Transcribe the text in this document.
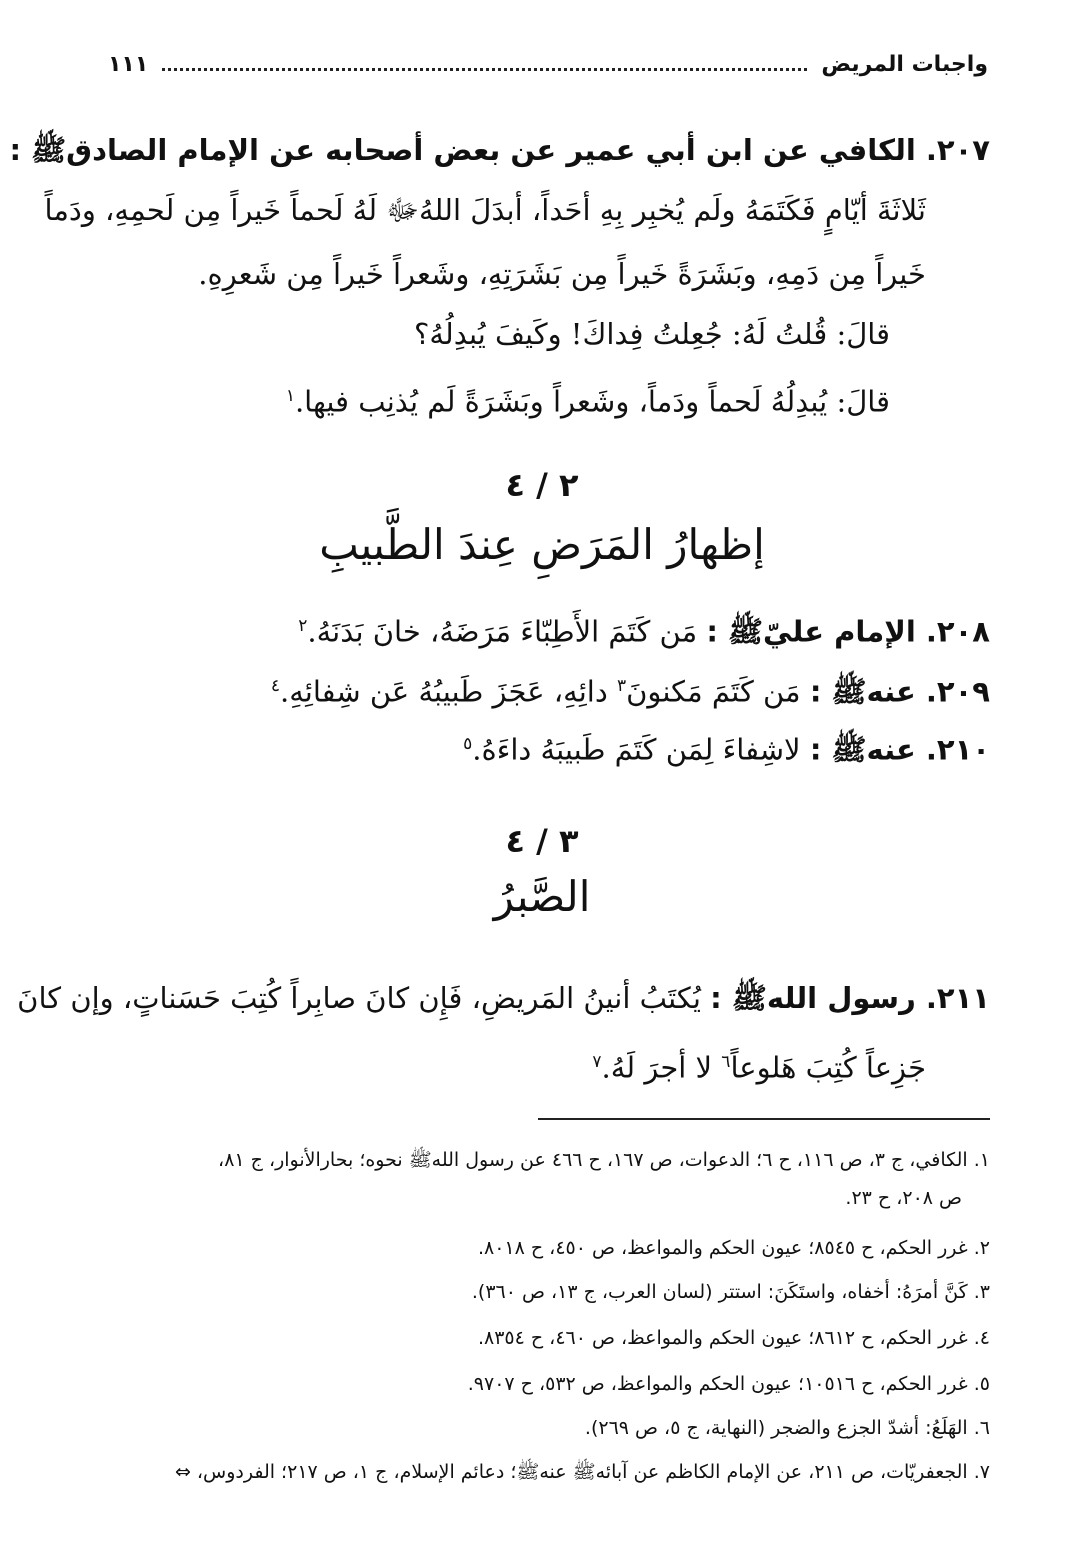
واجبات المريض
١١١
٢٠٧. الكافي عن ابن أبي عمير عن بعض أصحابه عن الإمام الصادقﷺ :
ثَلاثَةَ أيّامٍ فَكَتَمَهُ ولَم يُخبِر بِهِ أحَداً، أبدَلَ اللهُﷻ لَهُ لَحماً خَيراً مِن لَحمِهِ، ودَماً
خَيراً مِن دَمِهِ، وبَشَرَةً خَيراً مِن بَشَرَتِهِ، وشَعراً خَيراً مِن شَعرِهِ.
قالَ: قُلتُ لَهُ: جُعِلتُ فِداكَ! وكَيفَ يُبدِلُهُ؟
قالَ: يُبدِلُهُ لَحماً ودَماً، وشَعراً وبَشَرَةً لَم يُذنِب فيها.$^١$
٢ / ٤
إظهارُ المَرَضِ عِندَ الطَّبيبِ
٢٠٨. الإمام عليّﷺ : مَن كَتَمَ الأَطِبّاءَ مَرَضَهُ، خانَ بَدَنَهُ.$^٢$
٢٠٩. عنهﷺ : مَن كَتَمَ مَكنونَ$^٣$ دائِهِ، عَجَزَ طَبيبُهُ عَن شِفائِهِ.$^٤$
٢١٠. عنهﷺ : لاشِفاءَ لِمَن كَتَمَ طَبيبَهُ داءَهُ.$^٥$
٣ / ٤
الصَّبرُ
٢١١. رسول اللهﷺ : يُكتَبُ أنينُ المَريضِ، فَإِن كانَ صابِراً كُتِبَ حَسَناتٍ، وإن كانَ
جَزِعاً كُتِبَ هَلوعاً$^٦$ لا أجرَ لَهُ.$^٧$
١. الكافي، ج ٣، ص ١١٦، ح ٦؛ الدعوات، ص ١٦٧، ح ٤٦٦ عن رسول اللهﷺ نحوه؛ بحارالأنوار، ج ٨١،
ص ٢٠٨، ح ٢٣.
٢. غرر الحكم، ح ٨٥٤٥؛ عيون الحكم والمواعظ، ص ٤٥٠، ح ٨٠١٨.
٣. كَنَّ أمرَهُ: أخفاه، واستَكَنَ: استتر (لسان العرب، ج ١٣، ص ٣٦٠).
٤. غرر الحكم، ح ٨٦١٢؛ عيون الحكم والمواعظ، ص ٤٦٠، ح ٨٣٥٤.
٥. غرر الحكم، ح ١٠٥١٦؛ عيون الحكم والمواعظ، ص ٥٣٢، ح ٩٧٠٧.
٦. الهَلَعُ: أشدّ الجزع والضجر (النهاية، ج ٥، ص ٢٦٩).
٧. الجعفريّات، ص ٢١١، عن الإمام الكاظم عن آبائهﷺ عنهﷺ؛ دعائم الإسلام، ج ١، ص ٢١٧؛ الفردوس، ⇔
